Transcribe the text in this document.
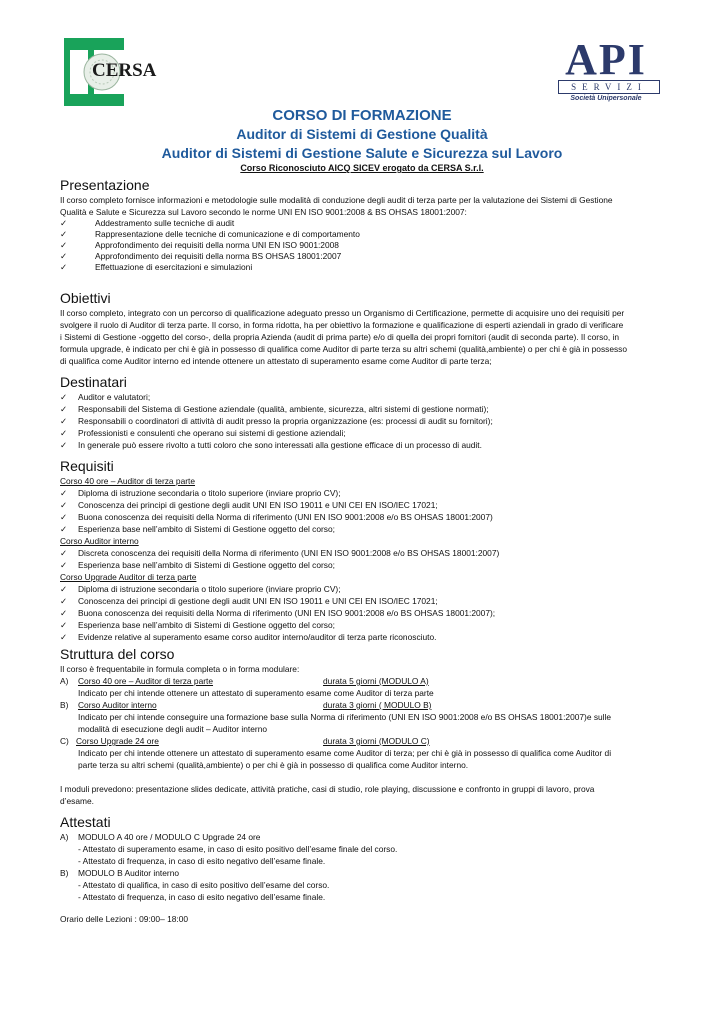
CERSA	API
SERVIZI
Società Unipersonale
CORSO DI FORMAZIONE
Auditor di Sistemi di Gestione Qualità
Auditor di Sistemi di Gestione Salute e Sicurezza sul Lavoro
Corso Riconosciuto AICQ SICEV erogato da CERSA S.r.l.
Presentazione
Il corso completo fornisce informazioni e metodologie sulle modalità di conduzione degli audit di terza parte per la valutazione dei Sistemi di Gestione
Qualità e Salute e Sicurezza sul Lavoro secondo le norme UNI EN ISO 9001:2008 & BS OHSAS 18001:2007:
✓	Addestramento sulle tecniche di audit
✓	Rappresentazione delle tecniche di comunicazione e di comportamento
✓	Approfondimento dei requisiti della norma UNI EN ISO 9001:2008
✓	Approfondimento dei requisiti della norma BS OHSAS 18001:2007
✓	Effettuazione di esercitazioni e simulazioni
Obiettivi
Il corso completo, integrato con un percorso di qualificazione adeguato presso un Organismo di Certificazione, permette di acquisire uno dei requisiti per
svolgere il ruolo di Auditor di terza parte. Il corso, in forma ridotta, ha per obiettivo la formazione e qualificazione di esperti aziendali in grado di verificare
i Sistemi di Gestione -oggetto del corso-, della propria Azienda (audit di prima parte) e/o di quella dei propri fornitori (audit di seconda parte). Il corso, in
formula upgrade, è indicato per chi è già in possesso di qualifica come Auditor di parte terza su altri schemi (qualità,ambiente) o per chi è già in possesso
di qualifica come Auditor interno ed intende ottenere un attestato di superamento esame come Auditor di parte terza;
Destinatari
✓ Auditor e valutatori;
✓ Responsabili del Sistema di Gestione aziendale (qualità, ambiente, sicurezza, altri sistemi di gestione normati);
✓ Responsabili o coordinatori di attività di audit presso la propria organizzazione (es: processi di audit su fornitori);
✓ Professionisti e consulenti che operano sui sistemi di gestione aziendali;
✓ In generale può essere rivolto a tutti coloro che sono interessati alla gestione efficace di un processo di audit.
Requisiti
Corso 40 ore – Auditor di terza parte
✓ Diploma di istruzione secondaria o titolo superiore (inviare proprio CV);
✓ Conoscenza dei principi di gestione degli audit UNI EN ISO 19011 e UNI CEI EN ISO/IEC 17021;
✓ Buona conoscenza dei requisiti della Norma di riferimento (UNI EN ISO 9001:2008 e/o BS OHSAS 18001:2007)
✓ Esperienza base nell’ambito di Sistemi di Gestione oggetto del corso;
Corso Auditor interno
✓ Discreta conoscenza dei requisiti della Norma di riferimento (UNI EN ISO 9001:2008 e/o BS OHSAS 18001:2007)
✓ Esperienza base nell’ambito di Sistemi di Gestione oggetto del corso;
Corso Upgrade Auditor di terza parte
✓ Diploma di istruzione secondaria o titolo superiore (inviare proprio CV);
✓ Conoscenza dei principi di gestione degli audit UNI EN ISO 19011 e UNI CEI EN ISO/IEC 17021;
✓ Buona conoscenza dei requisiti della Norma di riferimento (UNI EN ISO 9001:2008 e/o BS OHSAS 18001:2007);
✓ Esperienza base nell’ambito di Sistemi di Gestione oggetto del corso;
✓ Evidenze relative al superamento esame corso auditor interno/auditor di terza parte riconosciuto.
Struttura del corso
Il corso è frequentabile in formula completa o in forma modulare:
A) Corso 40 ore – Auditor di terza parte	durata 5 giorni (MODULO A)
Indicato per chi intende ottenere un attestato di superamento esame come Auditor di terza parte
B) Corso Auditor interno	durata 3 giorni ( MODULO B)
Indicato per chi intende conseguire una formazione base sulla Norma di riferimento (UNI EN ISO 9001:2008 e/o BS OHSAS 18001:2007)e sulle
modalità di esecuzione degli audit – Auditor interno
C) Corso Upgrade 24 ore	durata 3 giorni (MODULO C)
Indicato per chi intende ottenere un attestato di superamento esame come Auditor di terza; per chi è già in possesso di qualifica come Auditor di
parte terza su altri schemi (qualità,ambiente) o per chi è già in possesso di qualifica come Auditor interno.
I moduli prevedono: presentazione slides dedicate, attività pratiche, casi di studio, role playing, discussione e confronto in gruppi di lavoro, prova
d’esame.
Attestati
A) MODULO A 40 ore / MODULO C Upgrade 24 ore
- Attestato di superamento esame, in caso di esito positivo dell’esame finale del corso.
- Attestato di frequenza, in caso di esito negativo dell’esame finale.
B) MODULO B Auditor interno
- Attestato di qualifica, in caso di esito positivo dell’esame del corso.
- Attestato di frequenza, in caso di esito negativo dell’esame finale.
Orario delle Lezioni : 09:00– 18:00
